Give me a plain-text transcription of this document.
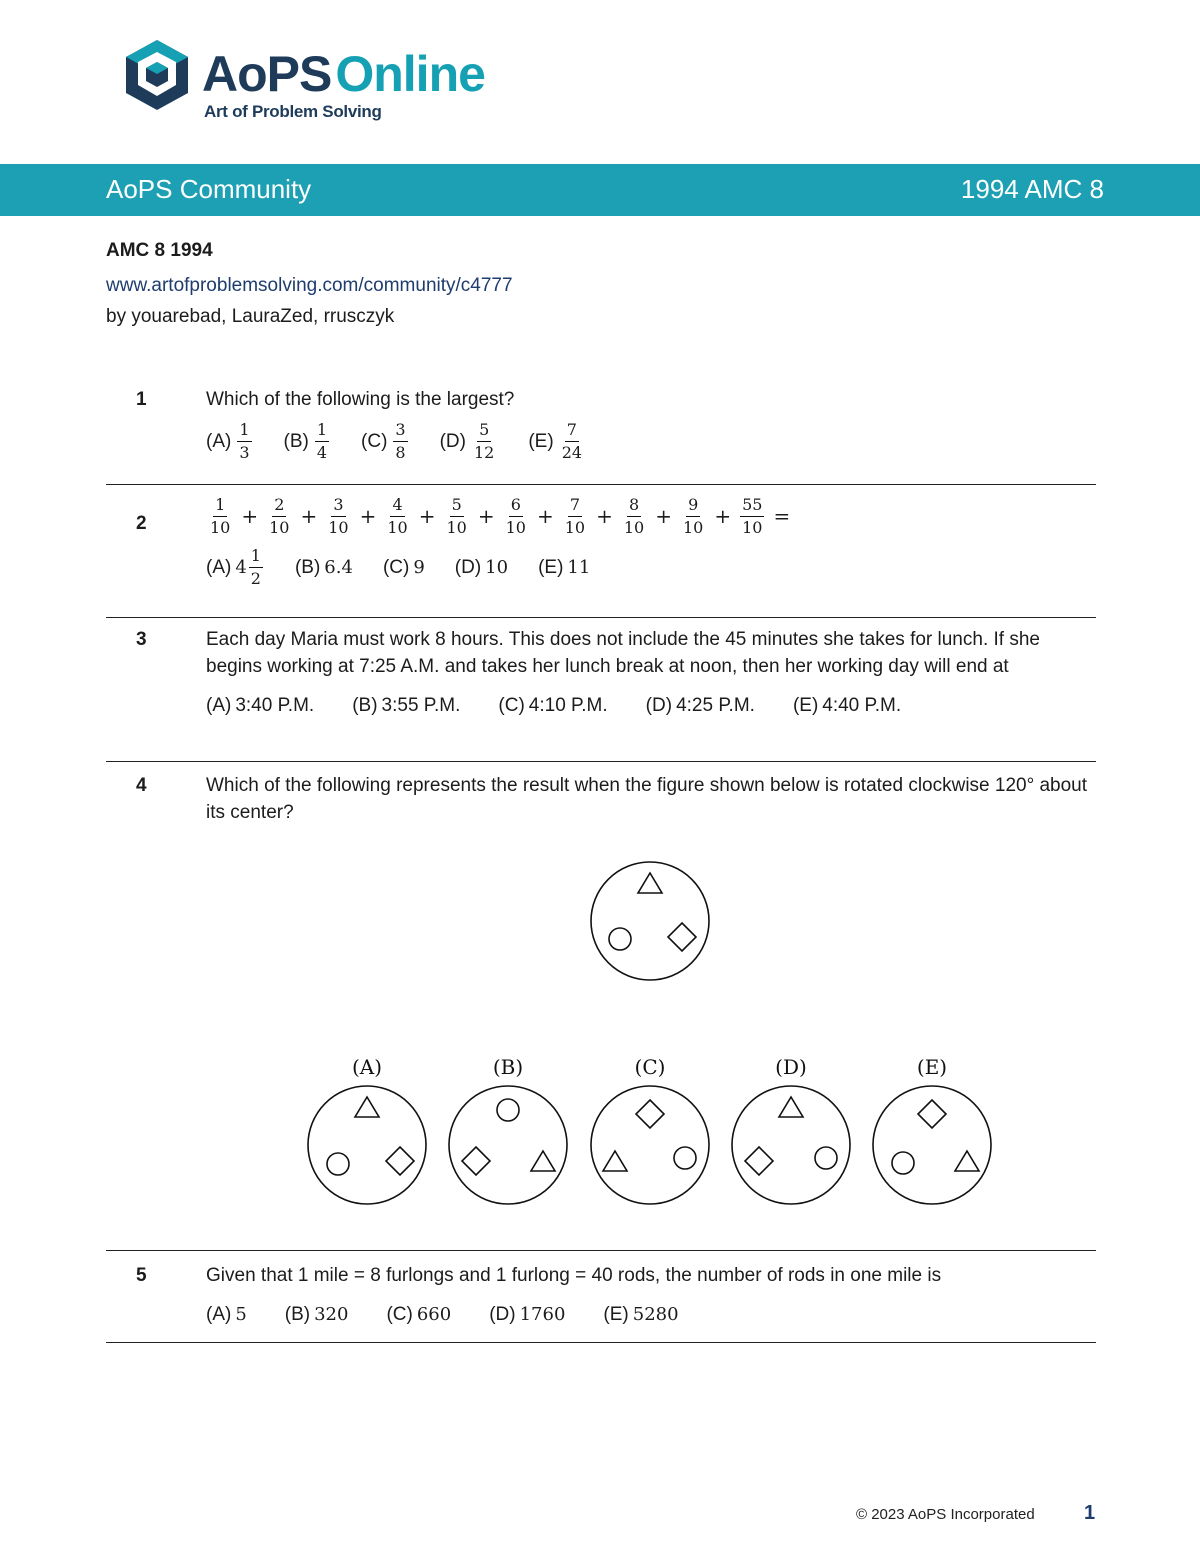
AoPSOnline
Art of Problem Solving
AoPS Community	1994 AMC 8
AMC 8 1994
www.artofproblemsolving.com/community/c4777
by youarebad, LauraZed, rrusczyk
1	Which of the following is the largest?
$(A) \frac{1}{3} (B) \frac{1}{4} (C) \frac{3}{8} (D) \frac{5}{12} (E) \frac{7}{24}$
2	$\frac{1}{10} + \frac{2}{10} + \frac{3}{10} + \frac{4}{10} + \frac{5}{10} + \frac{6}{10} + \frac{7}{10} + \frac{8}{10} + \frac{9}{10} + \frac{55}{10}$ =
(A) $4 \frac{1}{2} (B)$ 6.4 (C) 9 (D) 10 (E) 11
3	Each day Maria must work 8 hours. This does not include the 45 minutes she takes for lunch. If she begins working at 7:25 A.M. and takes her lunch break at noon, then her working day will end at
(A) 3:40 P.M. (B) 3:55 P.M. (C) 4:10 P.M. (D) 4:25 P.M. (E) 4:40 P.M.
4	Which of the following represents the result when the figure shown below is rotated clockwise 120° about its center?
(A)	(B)	(C)	(D)	(E)
5	Given that 1 mile = 8 furlongs and 1 furlong = 40 rods, the number of rods in one mile is
(A) 5 (B) 320 (C) 660 (D) 1760 (E) 5280
© 2023 AoPS Incorporated 1
